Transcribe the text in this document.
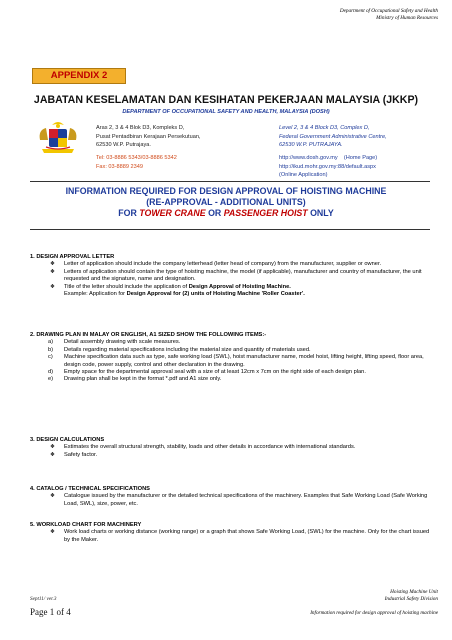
Department of Occupational Safety and Health
Ministry of Human Resources
APPENDIX 2
JABATAN KESELAMATAN DAN KESIHATAN PEKERJAAN MALAYSIA (JKKP)
DEPARTMENT OF OCCUPATIONAL SAFETY AND HEALTH, MALAYSIA (DOSH)
Aras 2, 3 & 4 Blok D3, Kompleks D,
Pusat Pentadbiran Kerajaan Persekutuan,
62530 W.P. Putrajaya.
Level 2, 3 & 4 Block D3, Complex D,
Federal Government Administrative Centre,
62530 W.P. PUTRAJAYA.
Tel: 03-8886 5343/03-8886 5342
Fax: 03-8889 2349
http://www.dosh.gov.my (Home Page)
http://ikud.mohr.gov.my:88/default.aspx
(Online Application)
INFORMATION REQUIRED FOR DESIGN APPROVAL OF HOISTING MACHINE
(RE-APPROVAL - ADDITIONAL UNITS)
FOR TOWER CRANE OR PASSENGER HOIST ONLY
1. DESIGN APPROVAL LETTER
❖ Letter of application should include the company letterhead (letter head of company) from the manufacturer, supplier or owner.
❖ Letters of application should contain the type of hoisting machine, the model (if applicable), manufacturer and country of manufacturer, the unit requested and the signature, name and designation.
❖ Title of the letter should include the application of Design Approval of Hoisting Machine.
Example: Application for Design Approval for (2) units of Hoisting Machine 'Roller Coaster'.
2. DRAWING PLAN IN MALAY OR ENGLISH, A1 SIZED SHOW THE FOLLOWING ITEMS:-
a) Detail assembly drawing with scale measures.
b) Details regarding material specifications including the material size and quantity of materials used.
c) Machine specification data such as type, safe working load (SWL), hoist manufacturer name, model hoist, lifting height, lifting speed, floor area, design code, power supply, control and other declaration in the drawing.
d) Empty space for the departmental approval seal with a size of at least 12cm x 7cm on the right side of each design plan.
e) Drawing plan shall be kept in the format *.pdf and A1 size only.
3. DESIGN CALCULATIONS
❖ Estimates the overall structural strength, stability, loads and other details in accordance with international standards.
❖ Safety factor.
4. CATALOG / TECHNICAL SPECIFICATIONS
❖ Catalogue issued by the manufacturer or the detailed technical specifications of the machinery. Examples that Safe Working Load (Safe Working Load, SWL), size, power, etc.
5. WORKLOAD CHART FOR MACHINERY
❖ Work load charts or working distance (working range) or a graph that shows Safe Working Load, (SWL) for the machine. Only for the chart issued by the Maker.
Sept11/ ver.3
Page 1 of 4
Hoisting Machine Unit
Industrial Safety Division
Information required for design approval of hoisting machine
